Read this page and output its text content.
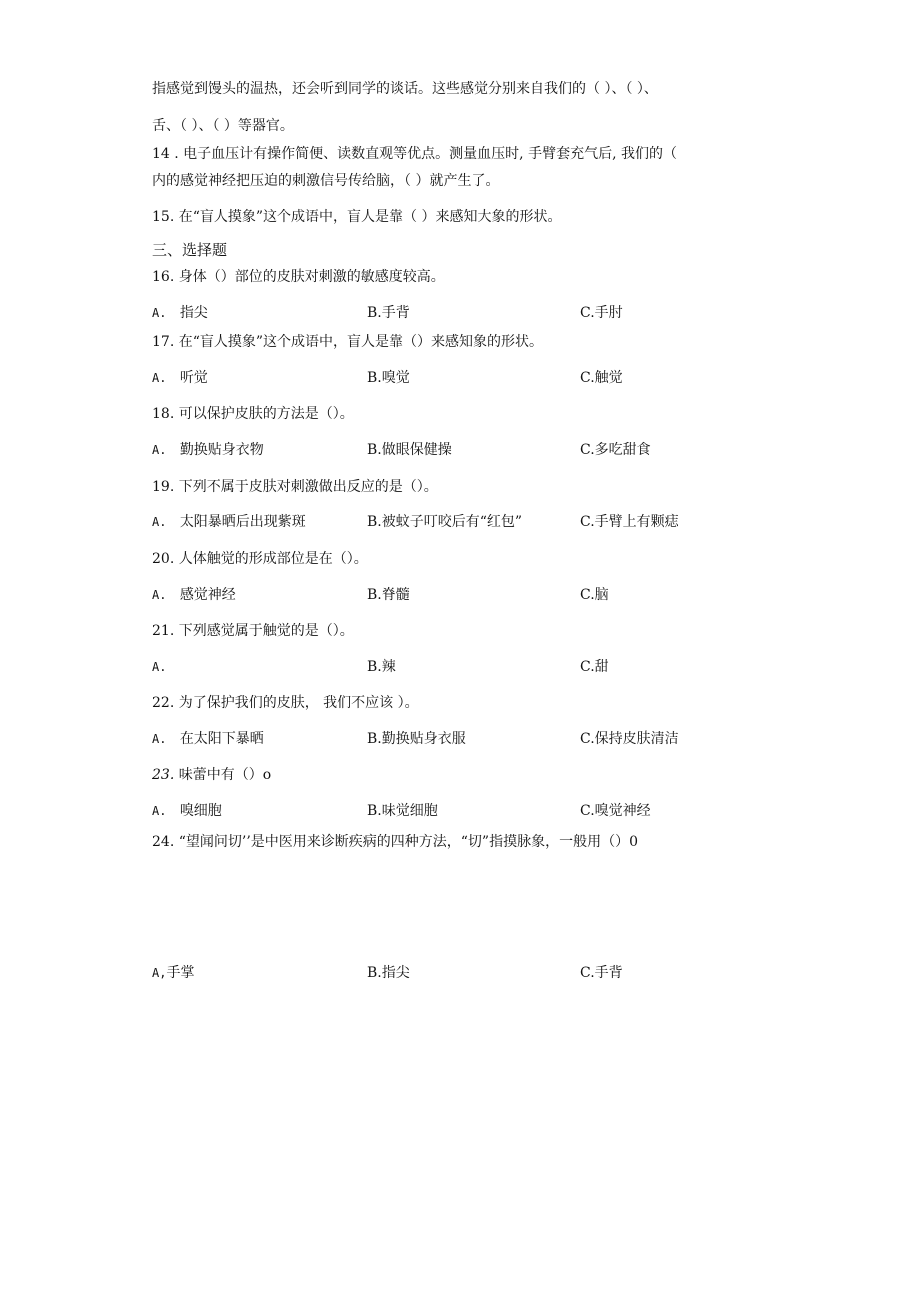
指感觉到馒头的温热，还会听到同学的谈话。这些感觉分别来自我们的（ ）、（ ）、
舌、（ ）、（ ）等器官。
14 . 电子血压计有操作简便、读数直观等优点。测量血压时, 手臂套充气后, 我们的（
内的感觉神经把压迫的刺激信号传给脑，（ ）就产生了。
15. 在“盲人摸象”这个成语中，盲人是靠（ ）来感知大象的形状。
三、选择题
16. 身体（）部位的皮肤对刺激的敏感度较高。
A. 指尖	B.手背	C.手肘
17. 在“盲人摸象”这个成语中，盲人是靠（）来感知象的形状。
A. 听觉	B.嗅觉	C.触觉
18. 可以保护皮肤的方法是（）。
A. 勤换贴身衣物	B.做眼保健操	C.多吃甜食
19. 下列不属于皮肤对刺激做出反应的是（）。
A. 太阳暴晒后出现紫斑	B.被蚊子叮咬后有“红包”	C.手臂上有颗痣
20. 人体触觉的形成部位是在（）。
A. 感觉神经	B.脊髓	C.脑
21. 下列感觉属于触觉的是（）。
A.	B.辣	C.甜
22. 为了保护我们的皮肤， 我们不应该 ）。
A. 在太阳下暴晒	B.勤换贴身衣服	C.保持皮肤清洁
23. 味蕾中有（）o
A. 嗅细胞	B.味觉细胞	C.嗅觉神经
24. “望闻问切’’是中医用来诊断疾病的四种方法，“切”指摸脉象，一般用（）0
A,手掌	B.指尖	C.手背
